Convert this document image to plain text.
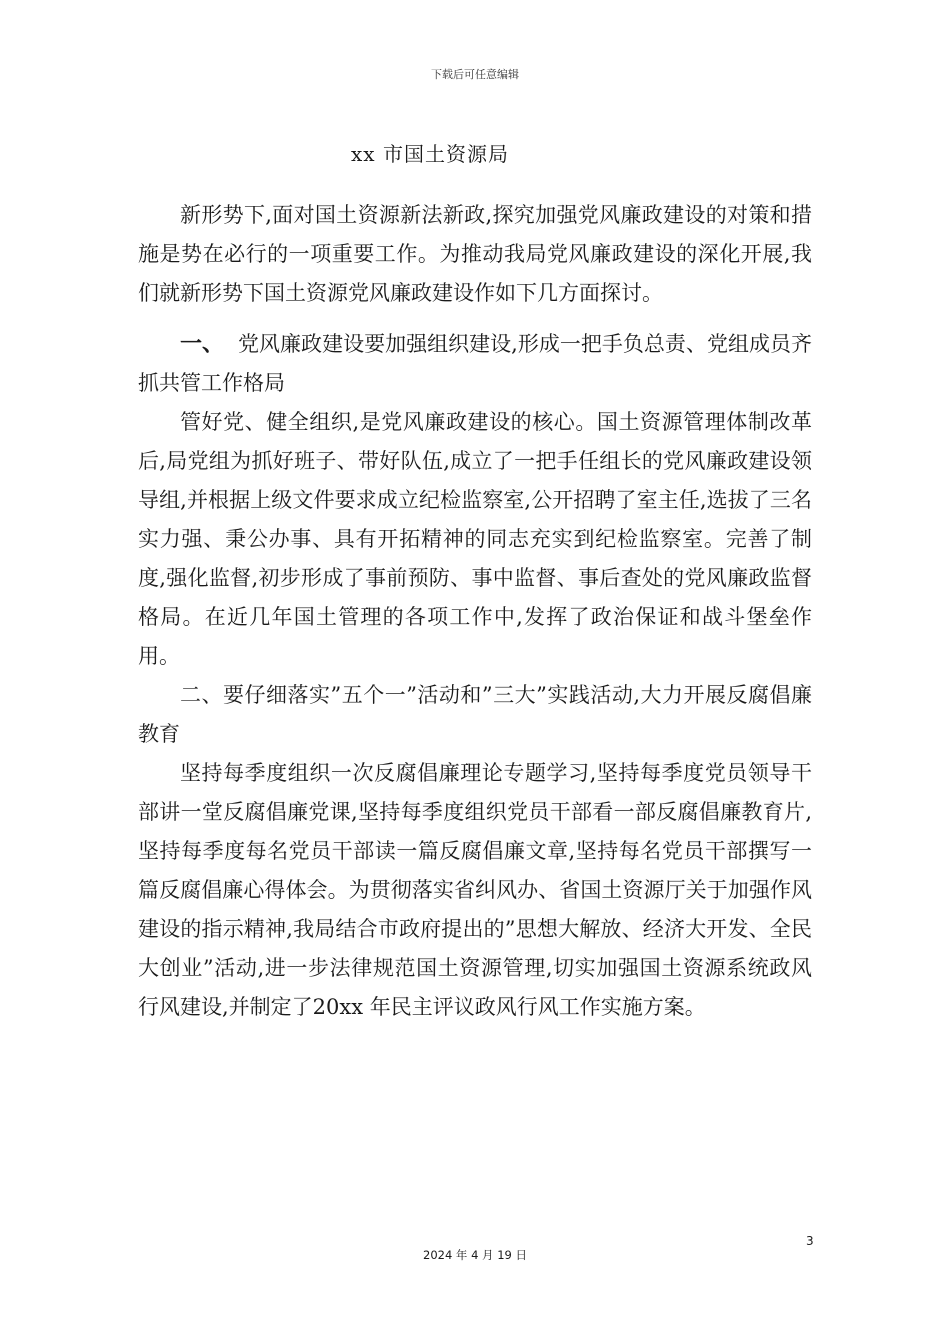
下载后可任意编辑
xx 市国土资源局

新形势下,面对国土资源新法新政,探究加强党风廉政建设的对策和措施是势在必行的一项重要工作。为推动我局党风廉政建设的深化开展,我们就新形势下国土资源党风廉政建设作如下几方面探讨。

一、 党风廉政建设要加强组织建设,形成一把手负总责、党组成员齐抓共管工作格局

管好党、健全组织,是党风廉政建设的核心。国土资源管理体制改革后,局党组为抓好班子、带好队伍,成立了一把手任组长的党风廉政建设领导组,并根据上级文件要求成立纪检监察室,公开招聘了室主任,选拔了三名实力强、秉公办事、具有开拓精神的同志充实到纪检监察室。完善了制度,强化监督,初步形成了事前预防、事中监督、事后查处的党风廉政监督格局。在近几年国土管理的各项工作中,发挥了政治保证和战斗堡垒作用。

二、要仔细落实”五个一”活动和”三大”实践活动,大力开展反腐倡廉教育

坚持每季度组织一次反腐倡廉理论专题学习,坚持每季度党员领导干部讲一堂反腐倡廉党课,坚持每季度组织党员干部看一部反腐倡廉教育片,坚持每季度每名党员干部读一篇反腐倡廉文章,坚持每名党员干部撰写一篇反腐倡廉心得体会。为贯彻落实省纠风办、省国土资源厅关于加强作风建设的指示精神,我局结合市政府提出的”思想大解放、经济大开发、全民大创业”活动,进一步法律规范国土资源管理,切实加强国土资源系统政风行风建设,并制定了20xx 年民主评议政风行风工作实施方案。

3
2024 年 4 月 19 日
